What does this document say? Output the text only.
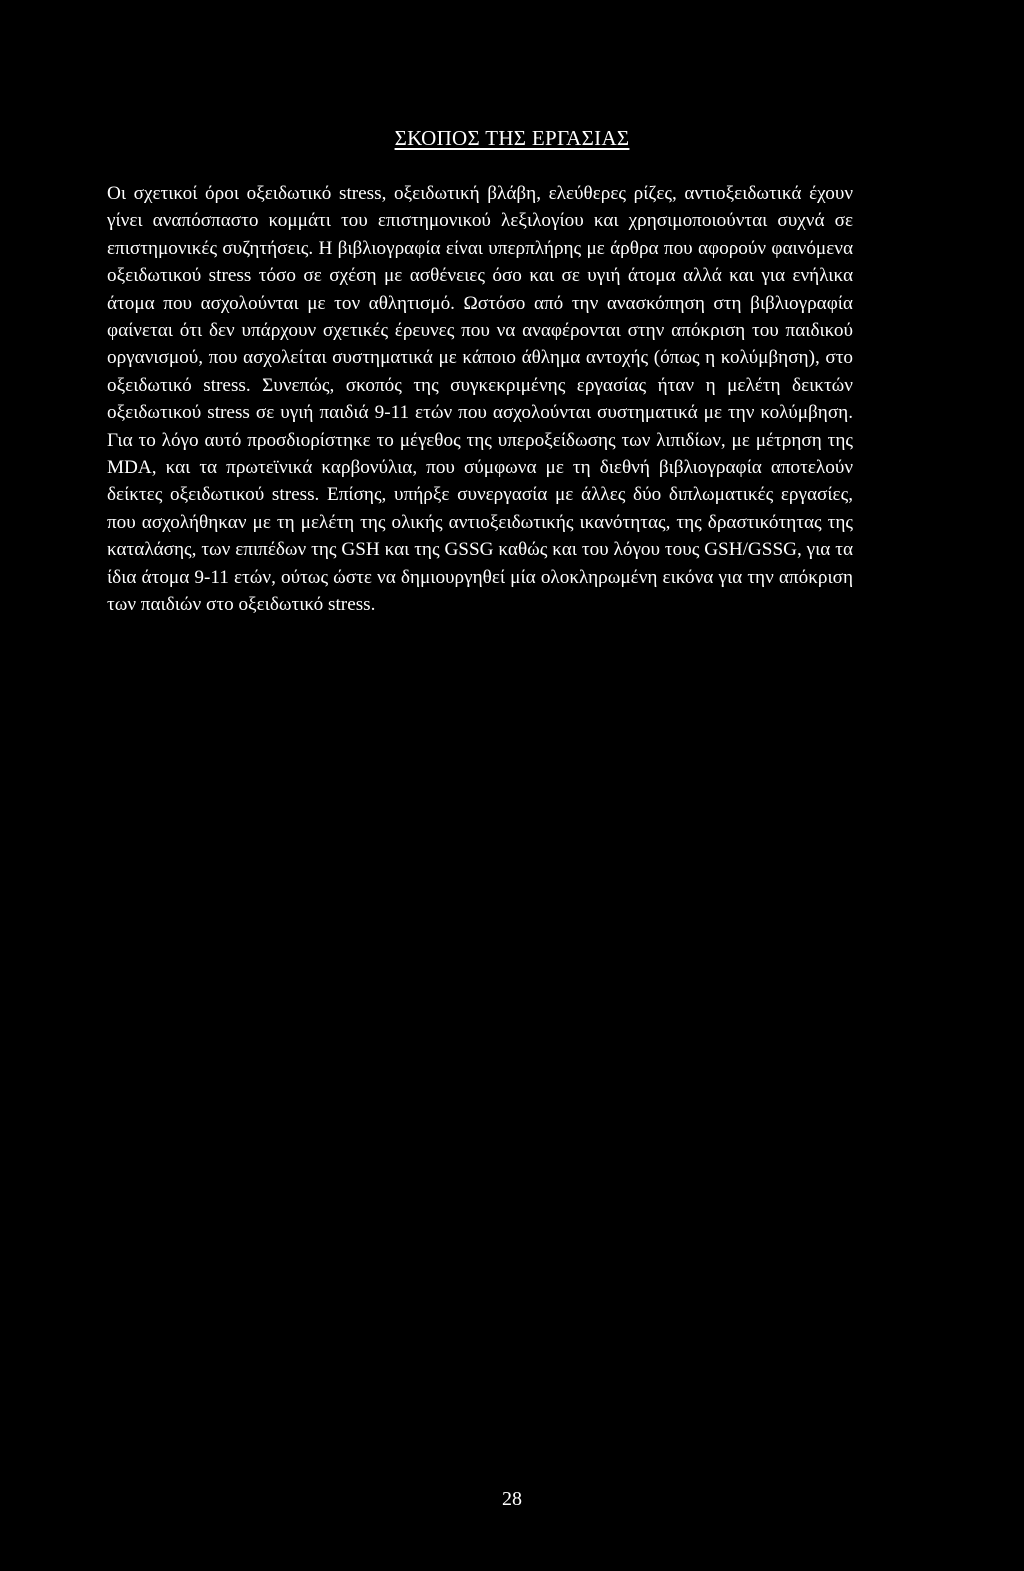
ΣΚΟΠΟΣ ΤΗΣ ΕΡΓΑΣΙΑΣ

Οι σχετικοί όροι οξειδωτικό stress, οξειδωτική βλάβη, ελεύθερες ρίζες, αντιοξειδωτικά έχουν γίνει αναπόσπαστο κομμάτι του επιστημονικού λεξιλογίου και χρησιμοποιούνται συχνά σε επιστημονικές συζητήσεις. Η βιβλιογραφία είναι υπερπλήρης με άρθρα που αφορούν φαινόμενα οξειδωτικού stress τόσο σε σχέση με ασθένειες όσο και σε υγιή άτομα αλλά και για ενήλικα άτομα που ασχολούνται με τον αθλητισμό. Ωστόσο από την ανασκόπηση στη βιβλιογραφία φαίνεται ότι δεν υπάρχουν σχετικές έρευνες που να αναφέρονται στην απόκριση του παιδικού οργανισμού, που ασχολείται συστηματικά με κάποιο άθλημα αντοχής (όπως η κολύμβηση), στο οξειδωτικό stress. Συνεπώς, σκοπός της συγκεκριμένης εργασίας ήταν η μελέτη δεικτών οξειδωτικού stress σε υγιή παιδιά 9-11 ετών που ασχολούνται συστηματικά με την κολύμβηση. Για το λόγο αυτό προσδιορίστηκε το μέγεθος της υπεροξείδωσης των λιπιδίων, με μέτρηση της MDA, και τα πρωτεϊνικά καρβονύλια, που σύμφωνα με τη διεθνή βιβλιογραφία αποτελούν δείκτες οξειδωτικού stress. Επίσης, υπήρξε συνεργασία με άλλες δύο διπλωματικές εργασίες, που ασχολήθηκαν με τη μελέτη της ολικής αντιοξειδωτικής ικανότητας, της δραστικότητας της καταλάσης, των επιπέδων της GSH και της GSSG καθώς και του λόγου τους GSH/GSSG, για τα ίδια άτομα 9-11 ετών, ούτως ώστε να δημιουργηθεί μία ολοκληρωμένη εικόνα για την απόκριση των παιδιών στο οξειδωτικό stress.

28
